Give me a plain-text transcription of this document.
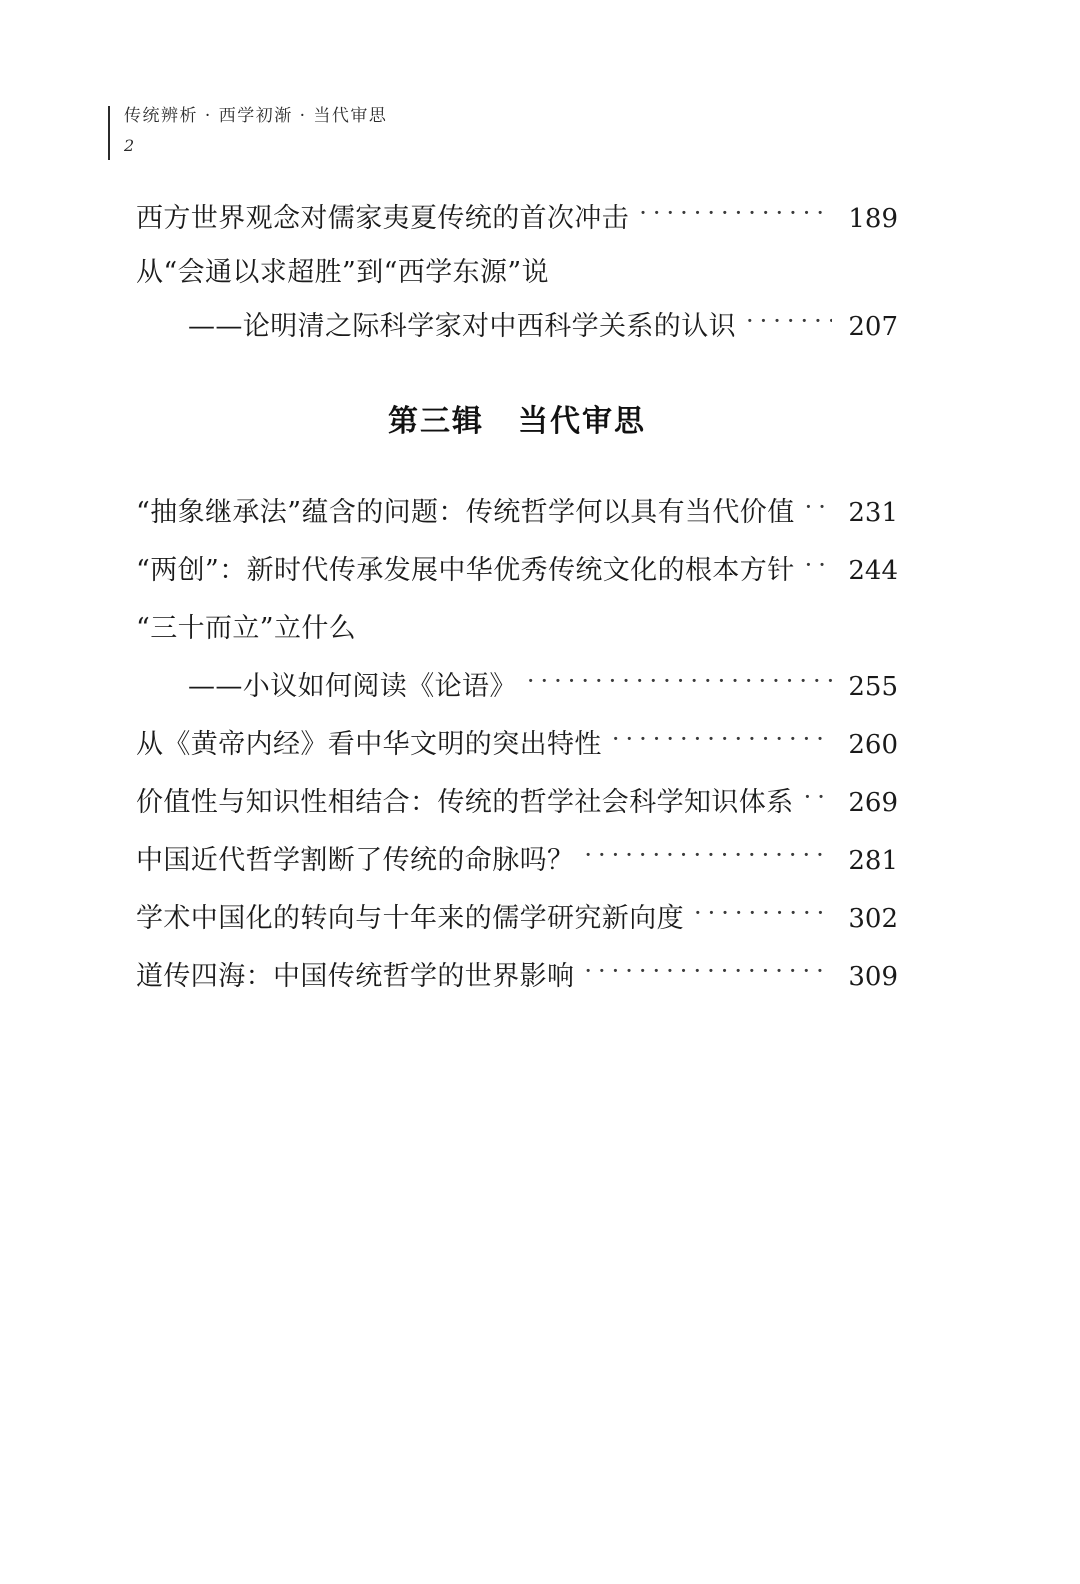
传统辨析 · 西学初渐 · 当代审思
2
西方世界观念对儒家夷夏传统的首次冲击 ·····	189
从“会通以求超胜”到“西学东源”说
——论明清之际科学家对中西科学关系的认识 ·····	207
第三辑 当代审思
“抽象继承法”蕴含的问题：传统哲学何以具有当代价值 ····· 231
“两创”：新时代传承发展中华优秀传统文化的根本方针 ····· 244
“三十而立”立什么
——小议如何阅读《论语》 ·····	255
从《黄帝内经》看中华文明的突出特性 ·····	260
价值性与知识性相结合：传统的哲学社会科学知识体系 ····· 269
中国近代哲学割断了传统的命脉吗？ ·····	281
学术中国化的转向与十年来的儒学研究新向度 ·····	302
道传四海：中国传统哲学的世界影响 ·····	309
